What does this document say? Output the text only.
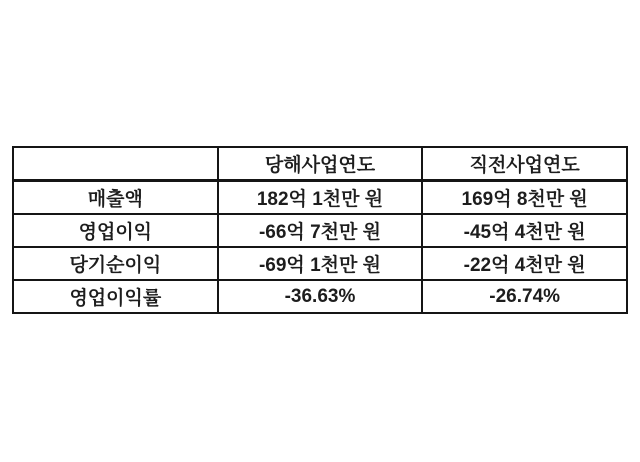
	당해사업연도	직전사업연도
매출액	182억 1천만 원	169억 8천만 원
영업이익	-66억 7천만 원	-45억 4천만 원
당기순이익	-69억 1천만 원	-22억 4천만 원
영업이익률	-36.63%	-26.74%
